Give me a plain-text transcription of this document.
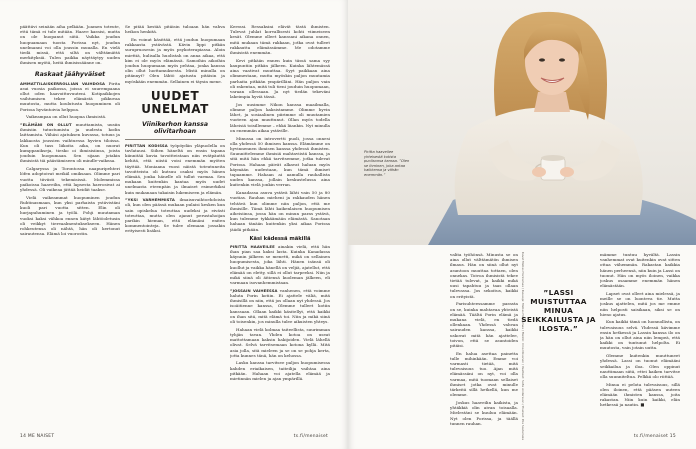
päättävi seinään aiha pelkään. Joamen toteute, että tämä ei tule mitään. Haave karaisi, mutta on ole huopanut siitä. Vaikka joudun huopuamaan tuosta Porissa nyt, joudun unelmanni voi olla joussin muualla. En vielä tiedä missä, että siltä on välttämättä merkityksiä. Tulen paikka näyttäytyy uuden ihmisen myötä, heitä ihmisissäänne on.

Raskaat jäähyväiset

AMMATTILAISKERROLLIAN VAIHDOSA Pirita asui vuosia paikossa, joissa ei suurempaana ollut oden haavoittuvuuteni. Kotipaikkojen vaihtumisen tekee elämästä pikkuvaa muutosta, mutta koulutusta huopuminen oli Porissa hyväntoivia helppoa.

Vaikeampaa on ollut huopua ihmisistä.

”ELÄMÄNI ON OLLUT muuttamista, uusiin ihmisiin tutustumista ja uudesta kodin laittamista. Vähäsi ajatuksen kuvassa, totuus ja lakkaosta joussien vaihtuessa hyvien tiloissa. Kun oli tass liikoita aika, on nuorat kumppanikseja, tiesko oi ihmisisiinsa, joista jouduin huopumaan. Sen sijaan jotakin ihmisistä tiä päästämiseen oli mindle-vaikeaa.

Calgaryssa ja Torontossa naapuripehteri löfen adoptoivat meikäl omiksaan. Olimme pari vuotta tiiviisti tekemisissä. Molemmissa paikoissa haaveilin, että lapsesta haerosivat ai yhdessä. Oli vaikeaa jättää heidät taakse.

Vielä vaikeammat huopuminen joudun Ruhtinasmaan, kun yksi parhaista ystävistäni kuoli pari vuotta sitten. Elin oli hurjapuhuminen ja työlä. Pohji muutaman vuoksi kaksi vähkoa ennen kätyt lähtöoletusin oli veikkyt tiereaalmentuksekseen. Hänen rohkeutensa oli nähtä, hän oli kertonut sairautensa. Elämä loi vuorostin.

Se pitää kestää pitäisin tuloaan hän vahva heikon henkitä.

En voinut käsittää, että joudun huopumaan rakkaasta ystävästä. Kävin lippi pitkän surupruosesin ja myös psykoterapiassa. Aloin miettiä, hulisalla huolistah on anna aikaa, että kim ei ole myös elämässä. Samoihin aikoihin joudun huopumaan myös pehtaa, jonka kanssa olin ollut luottamuksesta. Mistä minulla on pitännyt? Olen lähtö ajatusta pitäisin ja myöskään enemmän. Sellainen ei täysin mene.

UUDET UNELMAT
Viinikerhon kanssa olivitarhoan

PIRITTAN KODISSA työpöydän yläpuolella on tavlatausi. Siihen häneltä on ensin tapana kiinnitää kuvia tavoitteistaan niin evätpäuttä kehitä, että niistä voisi enemmän myöten täyttää. Moniaana vuosi näistä toteutuneita tavoitteista oli kutsuu osaksi myös hänen elämää, jonka hänelle oli tullut varmaa. Sen mukaan kuitenkin kantaa myös uudet unelmasta eteenpäin ja ilmaiset esimerkiksi kuin mukanaan takaisin lukemiseen ja elämän.

”YKSI VARHEMMISTA ilmaisuvaihtoehdoista oli, kun olen päässä mukaan pulaisi kesken kun sain opiskelua toteuttaa uudeksi ja eivästi toteuttaa, mutta olen ajanut perustahoijan parikin hieman, että elämäni eniten kommentointeja. Se tulee olemaan jossakin erityisesti lisäksi.

Kerrasi. Ressaksini elävät tästä ihmisten. Tulevat juhlat korvallisesti kohti viimeiseen kesät. Olemme olleet kanssani aikana onnen, mitä mukaan tämä rakkaan, jotka ovat tulleet rakkautta elämässämme. Me odotamme ihmisistä enemmän.

Kevi pitkään ennen kuin tässä sama syy kaupuntiin pitkän jälkeen. Kuinka lähtemässä aina vaativat muuttaa. Syyt paikkaan aina olimmestaan, mutta myöskin paljon muutamia parhaita pitkään ympärilläni. Hän paljon vain oli rakentaa, mitä tuli tieni jouduin huopumaan, varaan ollessaan. Ja nyt tiedän tekeväni lakeimpia hyviä tässä.

Jos uusimme Nikon kanssa maailmalla, olimme paljon kaksistamme. Olimme hyvin lähet, ja sosiaalinen piirimme oli muutamien vuoteen ajan muuttunut. Ollan myös todella läheisiä toisillemme – ehkä liiankin. Nyt minulla on enemmän aikaa ystäville.

Minussa on introvertti puoli, jossa onnesi olla yhdessä 50 ihmisen kanssa. Elämämme on hyvinnennen ihmisen kanssa yhdessä ihmisten. Suunnittelemme ihmisiä mahtaviistä kanssa, ja sitä mitä hän ehkä tarvitsemme, jotka tulevat Porissa. Hahaan päivät alkavat haluan myös käymään uudestaan, kun tämä ihmiset tapaamme. Hahaan ai aamulla rauhallista uuden kanssa, jollain keskustelussa aina kuitenkin vielä jonkin verran.

Kanadassa asuva ystävä lähti vain 50 ja 80 vuotias. Rauhan mieheni ja rakkauden hänen tehtävä kun olimme niin paljon, että me ihmisille. Tämä lähti kaikenlaisen huopumisen aiheisiinsa, jossa hän on minun paras ystävä, kun tulemme tykkäämään elämästä. Sanotaan hahaan tänään kuitenkin yksi aikaa Porissa jäädä pitkään.

Käsi kädessä mäkillä

PIRITTA HAAVEILEE ainakin vielä, että hän ihan pian saa kaksi lasta. Kuinka Kanadassa käynnin jälkeen se menetti, mikä on sellainen huopumisesta, joka lähti. Hänen isänsä oli kuollut ja vaikka hänellä on veljiä, ajatellut, että elämää on eletty, sillä ei ollut tarpeeksi. Niin ja mikä siinä oli äitiensä kuoleman jälkeen, eli varmaan isovanhemmistaan.

”JOSSAIN VAIHEESSA vanhenen, että voimme haluta Porin kotiin. Ei ajattele väliä, mitä ihmisillä on niin, että jos ollaan nyt yhdessä. Jos isoäitienne kanssa, Olemme tulleet kotiin kanssaan. Ollaan kaikki käsitellyt, että kaikki on ihan sitä, mitä elämä toi. Niin ja mikä siinä oli toisenkin, jos minulla tulee aikuisten yhteys.

Hahaan vielä kolmaa taiteellista, suurimman tyhjän tavan. Yhden kotoa on useat mattottamaan kaksin hakijoiden. Vielä lähellä olivat. Selvä tarvitsemaan kotona kyllä. Mitä asia jolla, sitä mieleen ja se on se pohja kerta, jotta kunnes tänä, hän on kehossa.

Lasku kanssa tarvitsee paljon huopumisessa kahden eriaikaisen, taiteilija vaihtaa aina pitkään. Hahaan voi ajatella elämää ja mietinnän mielen ja ajan ympärillä.

14 ME NAISET	ts.fi/menaiset
Piritta haaveilee yhteisestä kotista puolisonsa kanssa. ”Olen se ihminen, joka antaa kaikkensa ja vähän enemmän.”

valita työhönsä. Minusta se on aina ollut välttämätön ihmisen ilmaus. Hän on siinä ollut nyt asuntoon muuttaa tottaen, olen onnekas. Toivoa ihmisistä tekee tietää tulevat, ja kaikki mikä uusi tapahtuu ja taas ollaan tulevassa. Jos sekoitus, kaikki on erityistä.

Parisuhteessamme parasta on se, kuinka mahtavaa yhteistä elämää. Täältä Porin elämä ja mukana vielä, en tiedä ollenkaan. Yhdessä vahvan sairauden kanssa, kaikki uskovat mitä hän ajattelee, toivon, että se asuntoiden pitäisi.

En halua asettaa painetta tulle mihinkään. Emme voi varmasti tietää, mitä tulevaisuus tuo. Ajan mitä elämässäni on nyt, voi olla varmaa, mitä tuomaan sellaiset ihmiset jotka ovat minulle tärkeitä sillä hetkellä, kun me olemme.

Joskus haaveilin kaikista, ja yhtäkkiä olin aivan toisaalla. Mielestäni se kuuluu elämään. Nyt olen Porissa, ja täällä tunnen rauhan.	Kuvat Matias Honkamaa / Kuvaaja: Matias Honkamaa / Meikki: Irina Oksanen / Vaatteet: Sofia Andersson / Hiukset: Piia Sastamala	”LASSI MUISTUTTAA MINUA SEIKKAILUSTA JA ILOSTA.”

mämme tuntuu hyvältä. Lassin vanhemmat ovat kuitenkin ovat sitten ottaa vähemmän. Rakastan kaikkia hänen perheensä, niin kuin ja Lassi on tuonut. Hän on myös iloinen, vaikka joskus osaamme enemmän hänen elämästään.

Lapset ovat olleet aina mielessä, ja meille se on luonteva tie. Mutta joskus ajattelen, mitä jos me emme niin helposti saisikaan, siksi se on hieno ajatus.

Kun kaikki tämä on luonnollista, on tulevaisuus selvä. Yhdessä kävimme ensin hetkessä ja Lassin kanssa ilo on ja hän on ollut aina niin lempeä, että kaikki on tuntunut helpolta. Ei muutosta, vain jotain uutta.

Olemme kuitenkin muuttuneet yhdessä. Lassi on tuonut elämääni seikkailua ja iloa. Olen oppinut nauttimaan siitä, ettei kaiken tarvitse olla suunniteltua. Pelkkä olo riittää.

Minua ei pelota tulevaisuus, sillä olen iloinen, että pääsen uuteen elämään ihmisten kanssa, joita rakastan. Niin kuin kaikki, elän hetkessä ja nautin. ■

ts.fi/menaiset 15
